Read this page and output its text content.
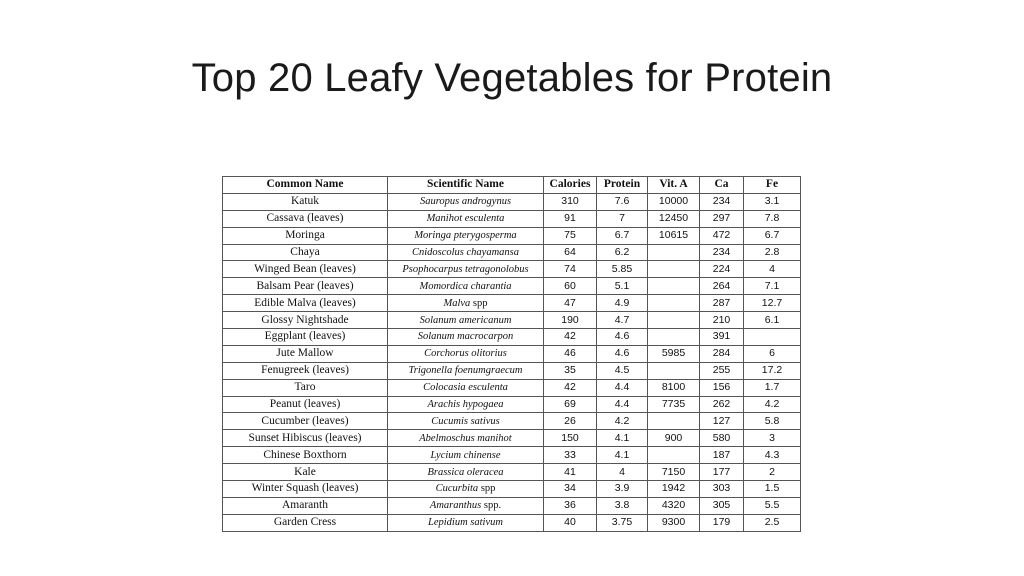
Top 20 Leafy Vegetables for Protein
Common Name	Scientific Name	Calories	Protein	Vit. A	Ca	Fe
Katuk	Sauropus androgynus	310	7.6	10000	234	3.1
Cassava (leaves)	Manihot esculenta	91	7	12450	297	7.8
Moringa	Moringa pterygosperma	75	6.7	10615	472	6.7
Chaya	Cnidoscolus chayamansa	64	6.2		234	2.8
Winged Bean (leaves)	Psophocarpus tetragonolobus	74	5.85		224	4
Balsam Pear (leaves)	Momordica charantia	60	5.1		264	7.1
Edible Malva (leaves)	Malva spp	47	4.9		287	12.7
Glossy Nightshade	Solanum americanum	190	4.7		210	6.1
Eggplant (leaves)	Solanum macrocarpon	42	4.6		391	
Jute Mallow	Corchorus olitorius	46	4.6	5985	284	6
Fenugreek (leaves)	Trigonella foenumgraecum	35	4.5		255	17.2
Taro	Colocasia esculenta	42	4.4	8100	156	1.7
Peanut (leaves)	Arachis hypogaea	69	4.4	7735	262	4.2
Cucumber (leaves)	Cucumis sativus	26	4.2		127	5.8
Sunset Hibiscus (leaves)	Abelmoschus manihot	150	4.1	900	580	3
Chinese Boxthorn	Lycium chinense	33	4.1		187	4.3
Kale	Brassica oleracea	41	4	7150	177	2
Winter Squash (leaves)	Cucurbita spp	34	3.9	1942	303	1.5
Amaranth	Amaranthus spp.	36	3.8	4320	305	5.5
Garden Cress	Lepidium sativum	40	3.75	9300	179	2.5
